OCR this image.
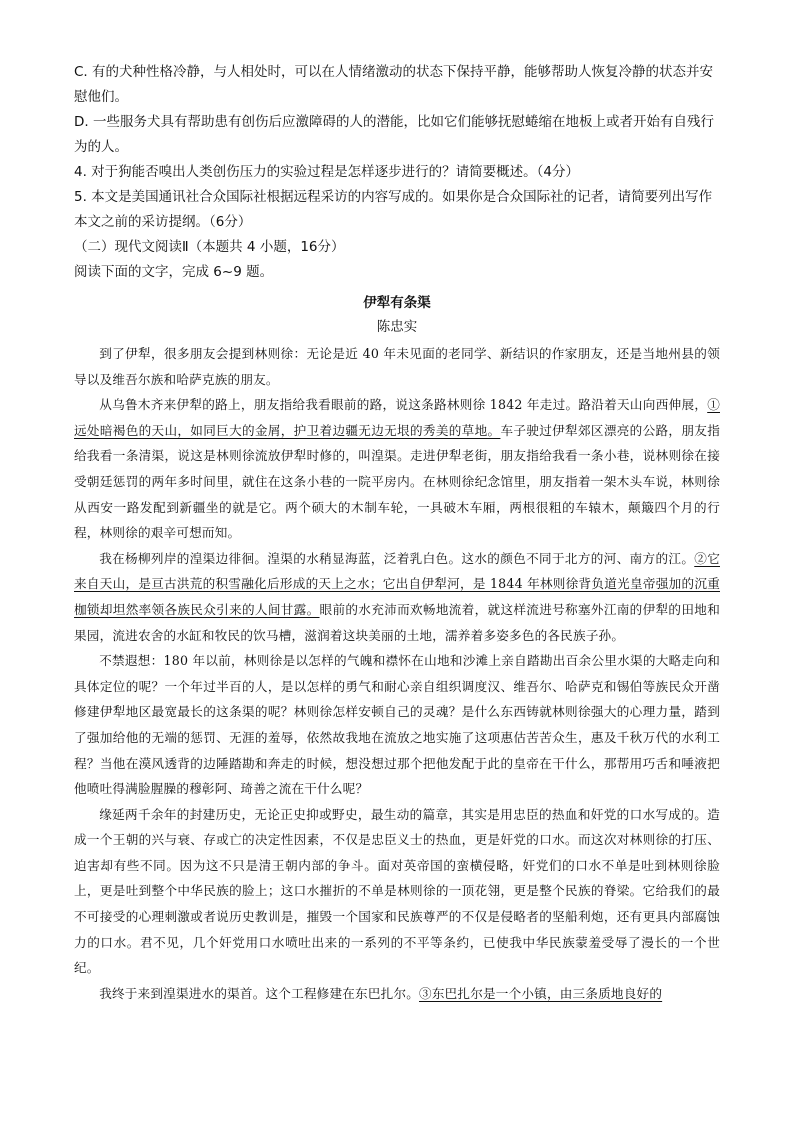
C. 有的犬种性格冷静，与人相处时，可以在人情绪激动的状态下保持平静，能够帮助人恢复冷静的状态并安慰他们。

D. 一些服务犬具有帮助患有创伤后应激障碍的人的潜能，比如它们能够抚慰蜷缩在地板上或者开始有自残行为的人。

4. 对于狗能否嗅出人类创伤压力的实验过程是怎样逐步进行的？请简要概述。（4分）

5. 本文是美国通讯社合众国际社根据远程采访的内容写成的。如果你是合众国际社的记者，请简要列出写作本文之前的采访提纲。（6分）

（二）现代文阅读Ⅱ（本题共 4 小题，16分）

阅读下面的文字，完成 6~9 题。

伊犁有条渠

陈忠实

到了伊犁，很多朋友会提到林则徐：无论是近 40 年未见面的老同学、新结识的作家朋友，还是当地州县的领导以及维吾尔族和哈萨克族的朋友。

从乌鲁木齐来伊犁的路上，朋友指给我看眼前的路，说这条路林则徐 1842 年走过。路沿着天山向西伸展，①远处暗褐色的天山，如同巨大的金屑，护卫着边疆无边无垠的秀美的草地。车子驶过伊犁郊区漂亮的公路，朋友指给我看一条清渠，说这是林则徐流放伊犁时修的，叫湟渠。走进伊犁老街，朋友指给我看一条小巷，说林则徐在接受朝廷惩罚的两年多时间里，就住在这条小巷的一院平房内。在林则徐纪念馆里，朋友指着一架木头车说，林则徐从西安一路发配到新疆坐的就是它。两个硕大的木制车轮，一具破木车厢，两根很粗的车辕木，颠簸四个月的行程，林则徐的艰辛可想而知。

我在杨柳列岸的湟渠边徘徊。湟渠的水稍显海蓝，泛着乳白色。这水的颜色不同于北方的河、南方的江。②它来自天山，是亘古洪荒的积雪融化后形成的天上之水；它出自伊犁河，是 1844 年林则徐背负道光皇帝强加的沉重枷锁却坦然率领各族民众引来的人间甘露。眼前的水充沛而欢畅地流着，就这样流进号称塞外江南的伊犁的田地和果园，流进农舍的水缸和牧民的饮马槽，滋润着这块美丽的土地，濡养着多姿多色的各民族子孙。

不禁遐想：180 年以前，林则徐是以怎样的气魄和襟怀在山地和沙滩上亲自踏勘出百余公里水渠的大略走向和具体定位的呢？一个年过半百的人，是以怎样的勇气和耐心亲自组织调度汉、维吾尔、哈萨克和锡伯等族民众开凿修建伊犁地区最宽最长的这条渠的呢？林则徐怎样安顿自己的灵魂？是什么东西铸就林则徐强大的心理力量，踏到了强加给他的无端的惩罚、无涯的羞辱，依然故我地在流放之地实施了这项惠估苦苦众生，惠及千秋万代的水利工程？当他在漠风透背的边陲踏勘和奔走的时候，想没想过那个把他发配于此的皇帝在干什么，那帮用巧舌和唾液把他喷吐得满脸腥臊的穆彰阿、琦善之流在干什么呢？

缘延两千余年的封建历史，无论正史抑或野史，最生动的篇章，其实是用忠臣的热血和奸党的口水写成的。造成一个王朝的兴与衰、存或亡的决定性因素，不仅是忠臣义士的热血，更是奸党的口水。而这次对林则徐的打压、迫害却有些不同。因为这不只是清王朝内部的争斗。面对英帝国的蛮横侵略，奸党们的口水不单是吐到林则徐脸上，更是吐到整个中华民族的脸上；这口水摧折的不单是林则徐的一顶花翎，更是整个民族的脊梁。它给我们的最不可接受的心理刺激或者说历史教训是，摧毁一个国家和民族尊严的不仅是侵略者的坚船利炮，还有更具内部腐蚀力的口水。君不见，几个奸党用口水喷吐出来的一系列的不平等条约，已使我中华民族蒙羞受辱了漫长的一个世纪。

我终于来到湟渠进水的渠首。这个工程修建在东巴扎尔。③东巴扎尔是一个小镇，由三条质地良好的
